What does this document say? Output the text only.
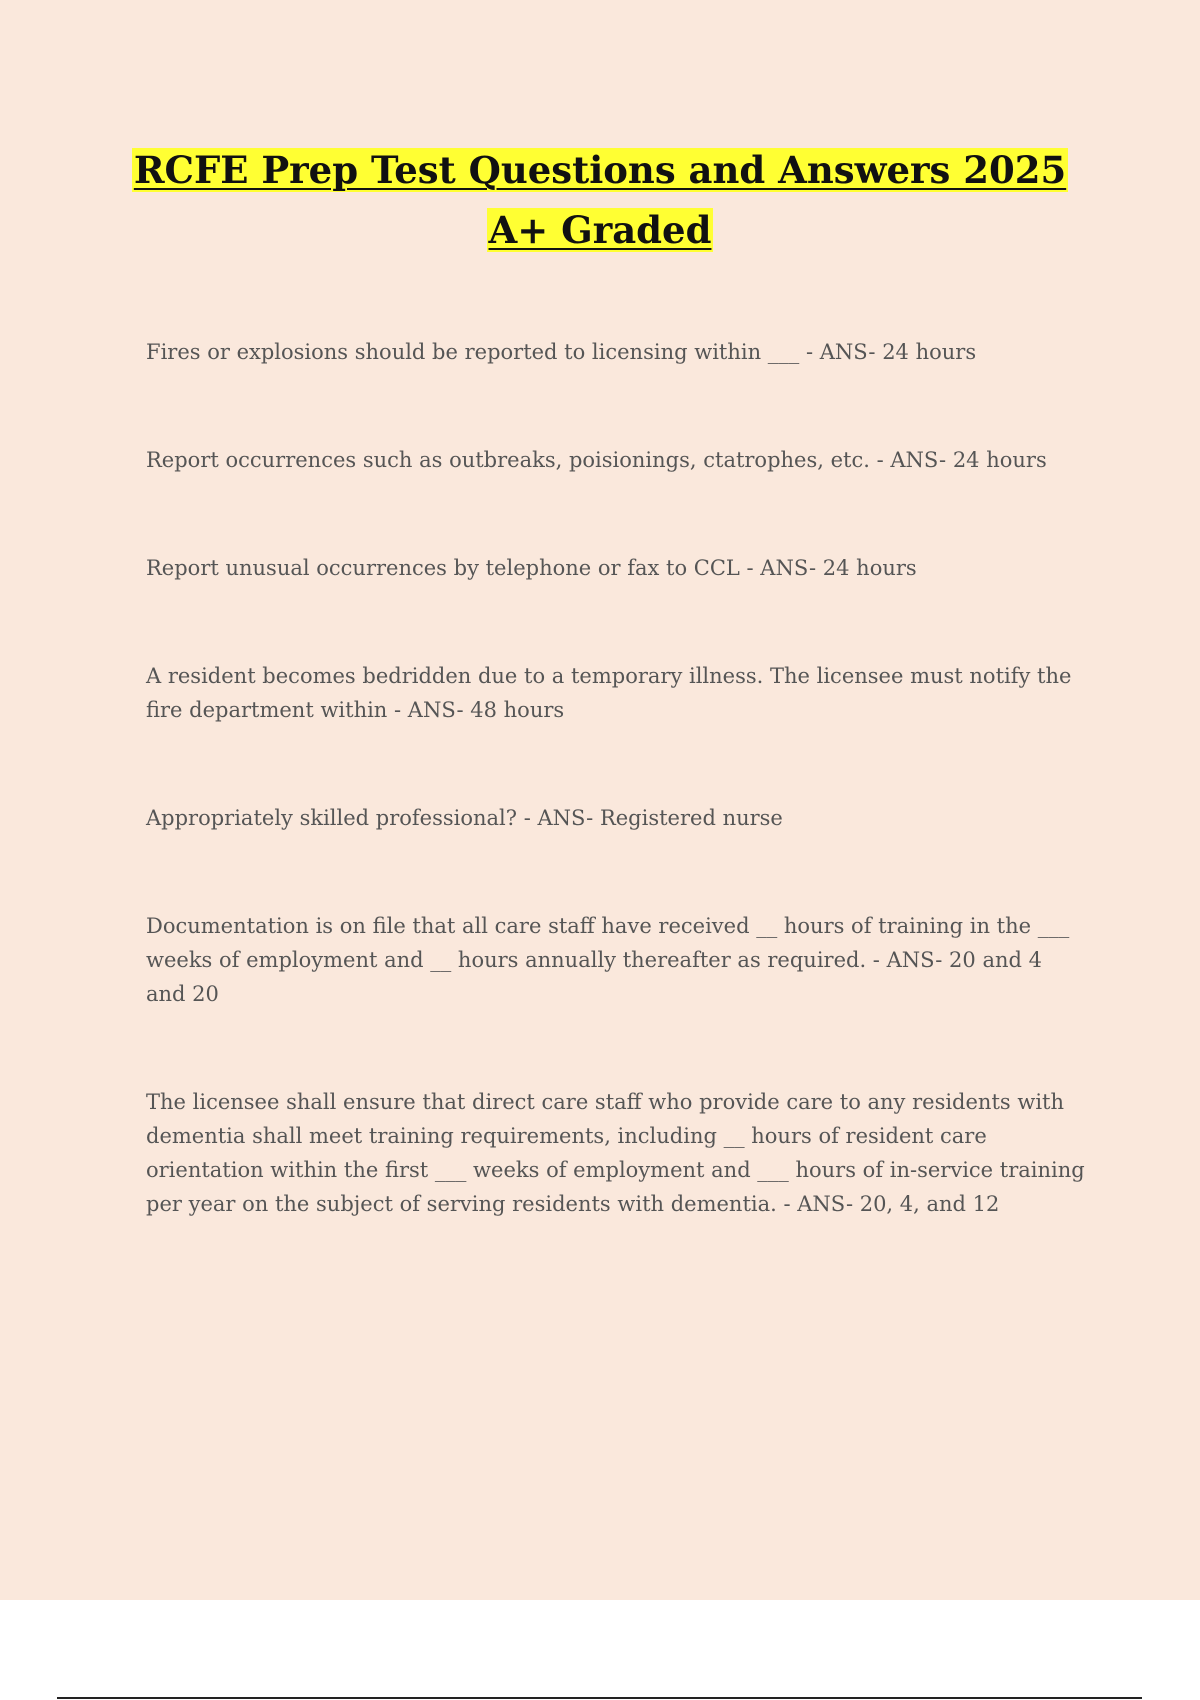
RCFE Prep Test Questions and Answers 2025
A+ Graded

Fires or explosions should be reported to licensing within ___ - ANS- 24 hours

Report occurrences such as outbreaks, poisionings, ctatrophes, etc. - ANS- 24 hours

Report unusual occurrences by telephone or fax to CCL - ANS- 24 hours

A resident becomes bedridden due to a temporary illness. The licensee must notify the fire department within - ANS- 48 hours

Appropriately skilled professional? - ANS- Registered nurse

Documentation is on file that all care staff have received __ hours of training in the ___ weeks of employment and __ hours annually thereafter as required. - ANS- 20 and 4 and 20

The licensee shall ensure that direct care staff who provide care to any residents with dementia shall meet training requirements, including __ hours of resident care orientation within the first ___ weeks of employment and ___ hours of in-service training per year on the subject of serving residents with dementia. - ANS- 20, 4, and 12
